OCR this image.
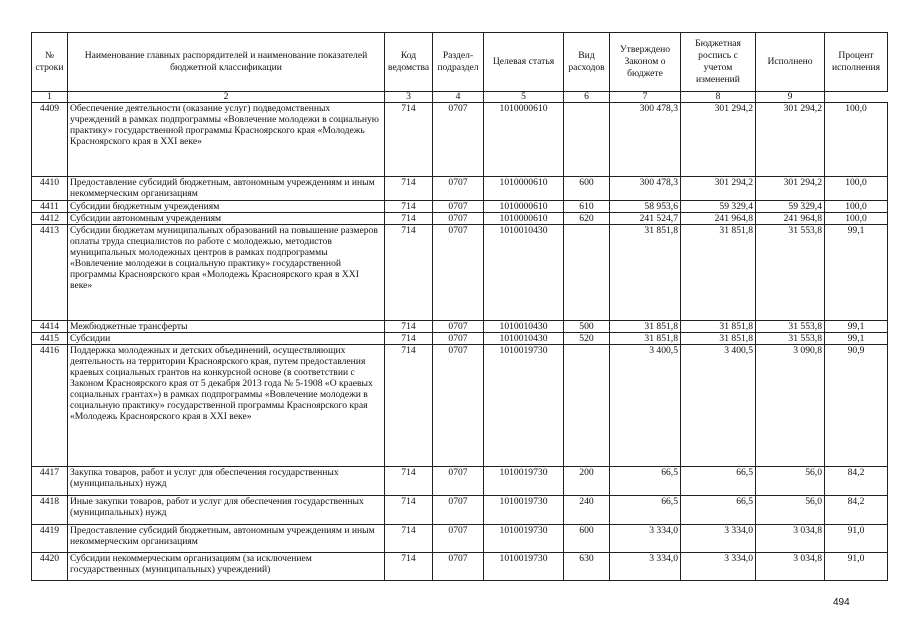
№ строки	Наименование главных распорядителей и наименование показателей бюджетной классификации	Код ведомства	Раздел-подраздел	Целевая статья	Вид расходов	Утверждено Законом о бюджете	Бюджетная роспись с учетом изменений	Исполнено	Процент исполнения
1	2	3	4	5	6	7	8	9	
4409	Обеспечение деятельности (оказание услуг) подведомственных учреждений в рамках подпрограммы «Вовлечение молодежи в социальную практику» государственной программы Красноярского края «Молодежь Красноярского края в XXI веке»	714	0707	1010000610		300 478,3	301 294,2	301 294,2	100,0
4410	Предоставление субсидий бюджетным, автономным учреждениям и иным некоммерческим организациям	714	0707	1010000610	600	300 478,3	301 294,2	301 294,2	100,0
4411	Субсидии бюджетным учреждениям	714	0707	1010000610	610	58 953,6	59 329,4	59 329,4	100,0
4412	Субсидии автономным учреждениям	714	0707	1010000610	620	241 524,7	241 964,8	241 964,8	100,0
4413	Субсидии бюджетам муниципальных образований на повышение размеров оплаты труда специалистов по работе с молодежью, методистов муниципальных молодежных центров в рамках подпрограммы «Вовлечение молодежи в социальную практику» государственной программы Красноярского края «Молодежь Красноярского края в XXI веке»	714	0707	1010010430		31 851,8	31 851,8	31 553,8	99,1
4414	Межбюджетные трансферты	714	0707	1010010430	500	31 851,8	31 851,8	31 553,8	99,1
4415	Субсидии	714	0707	1010010430	520	31 851,8	31 851,8	31 553,8	99,1
4416	Поддержка молодежных и детских объединений, осуществляющих деятельность на территории Красноярского края, путем предоставления краевых социальных грантов на конкурсной основе (в соответствии с Законом Красноярского края от 5 декабря 2013 года № 5-1908 «О краевых социальных грантах») в рамках подпрограммы «Вовлечение молодежи в социальную практику» государственной программы Красноярского края «Молодежь Красноярского края в XXI веке»	714	0707	1010019730		3 400,5	3 400,5	3 090,8	90,9
4417	Закупка товаров, работ и услуг для обеспечения государственных (муниципальных) нужд	714	0707	1010019730	200	66,5	66,5	56,0	84,2
4418	Иные закупки товаров, работ и услуг для обеспечения государственных (муниципальных) нужд	714	0707	1010019730	240	66,5	66,5	56,0	84,2
4419	Предоставление субсидий бюджетным, автономным учреждениям и иным некоммерческим организациям	714	0707	1010019730	600	3 334,0	3 334,0	3 034,8	91,0
4420	Субсидии некоммерческим организациям (за исключением государственных (муниципальных) учреждений)	714	0707	1010019730	630	3 334,0	3 334,0	3 034,8	91,0
494
